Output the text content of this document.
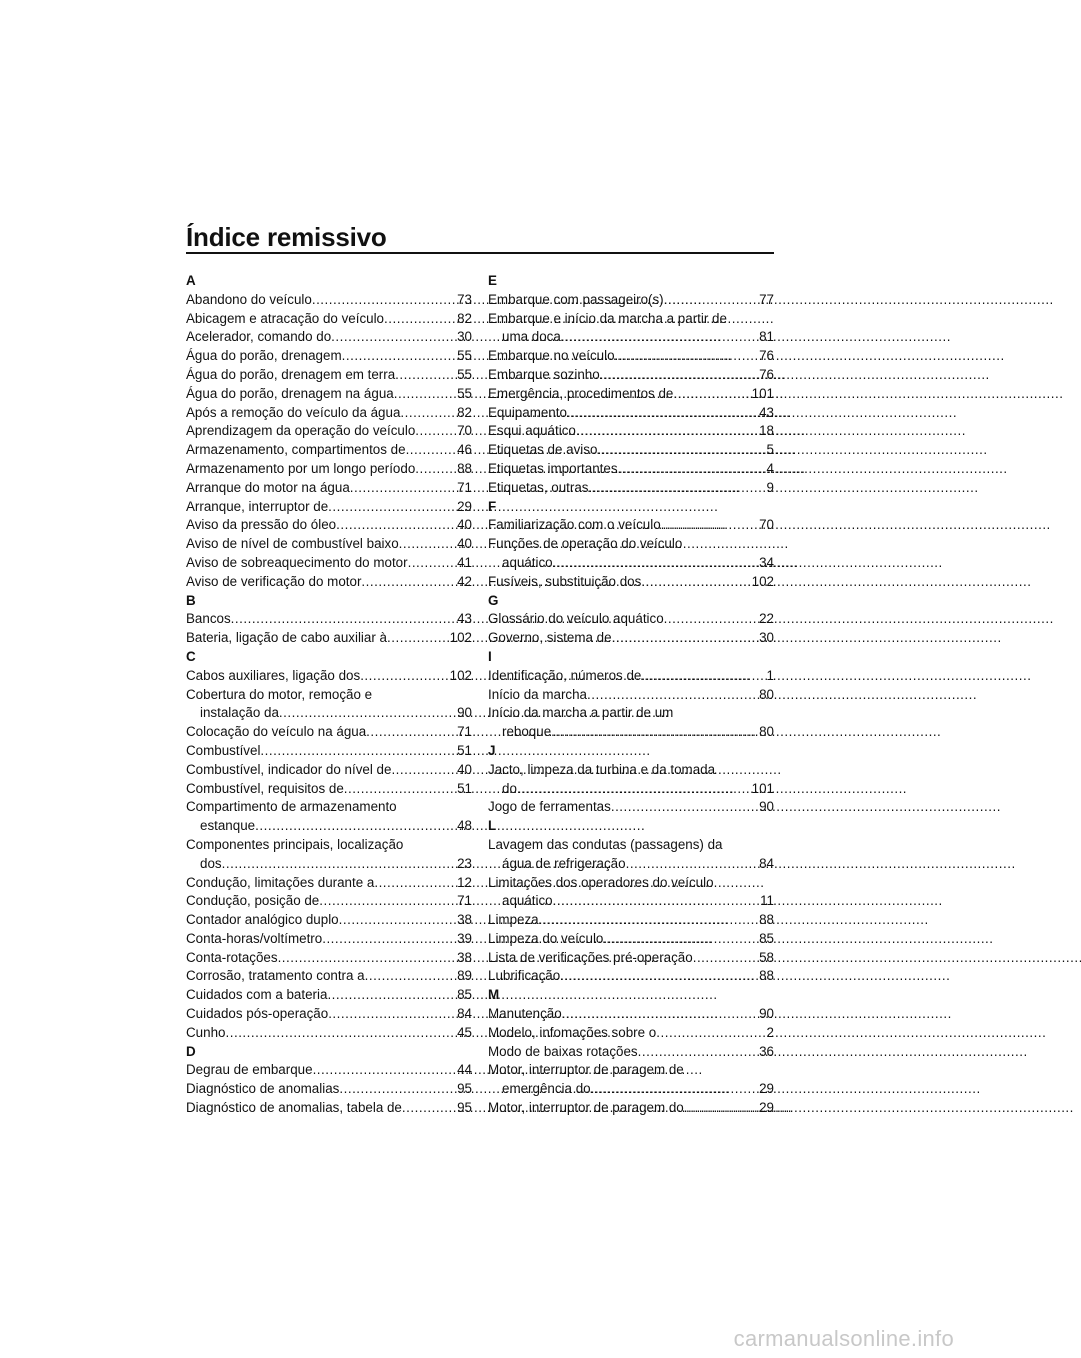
Índice remissivo
A
Abandono do veículo . . .	73
Abicagem e atracação do veículo . . .	82
Acelerador, comando do . . .	30
Água do porão, drenagem . . .	55
Água do porão, drenagem em terra . . .	55
Água do porão, drenagem na água . . .	55
Após a remoção do veículo da água . . .	82
Aprendizagem da operação do veículo . . .	70
Armazenamento, compartimentos de . . .	46
Armazenamento por um longo período . . .	88
Arranque do motor na água . . .	71
Arranque, interruptor de . . .	29
Aviso da pressão do óleo . . .	40
Aviso de nível de combustível baixo . . .	40
Aviso de sobreaquecimento do motor . . .	41
Aviso de verificação do motor . . .	42
B
Bancos . . .	43
Bateria, ligação de cabo auxiliar à . . .	102
C
Cabos auxiliares, ligação dos . . .	102
Cobertura do motor, remoção e
instalação da . . .	90
Colocação do veículo na água . . .	71
Combustível . . .	51
Combustível, indicador do nível de . . .	40
Combustível, requisitos de . . .	51
Compartimento de armazenamento
estanque . . .	48
Componentes principais, localização
dos . . .	23
Condução, limitações durante a . . .	12
Condução, posição de . . .	71
Contador analógico duplo . . .	38
Conta-horas/voltímetro . . .	39
Conta-rotações . . .	38
Corrosão, tratamento contra a . . .	89
Cuidados com a bateria . . .	85
Cuidados pós-operação . . .	84
Cunho . . .	45
D
Degrau de embarque . . .	44
Diagnóstico de anomalias . . .	95
Diagnóstico de anomalias, tabela de . . .	95
E
Embarque com passageiro(s) . . .	77
Embarque e início da marcha a partir de
uma doca . . .	81
Embarque no veículo . . .	76
Embarque sozinho . . .	76
Emergência, procedimentos de . . .	101
Equipamento . . .	43
Esqui aquático . . .	18
Etiquetas de aviso . . .	5
Etiquetas importantes . . .	4
Etiquetas, outras . . .	9
F
Familiarização com o veículo . . .	70
Funções de operação do veículo
aquático . . .	34
Fusíveis, substituição dos . . .	102
G
Glossário do veículo aquático . . .	22
Governo, sistema de . . .	30
I
Identificação, números de . . .	1
Início da marcha . . .	80
Início da marcha a partir de um
reboque . . .	80
J
Jacto, limpeza da turbina e da tomada
do . . .	101
Jogo de ferramentas . . .	90
L
Lavagem das condutas (passagens) da
água de refrigeração . . .	84
Limitações dos operadores do veículo
aquático . . .	11
Limpeza . . .	88
Limpeza do veículo . . .	85
Lista de verificações pré-operação . . .	58
Lubrificação . . .	88
M
Manutenção . . .	90
Modelo, infomações sobre o . . .	2
Modo de baixas rotações . . .	36
Motor, interruptor de paragem de
emergência do . . .	29
Motor, interruptor de paragem do . . .	29
carmanualsonline.info
